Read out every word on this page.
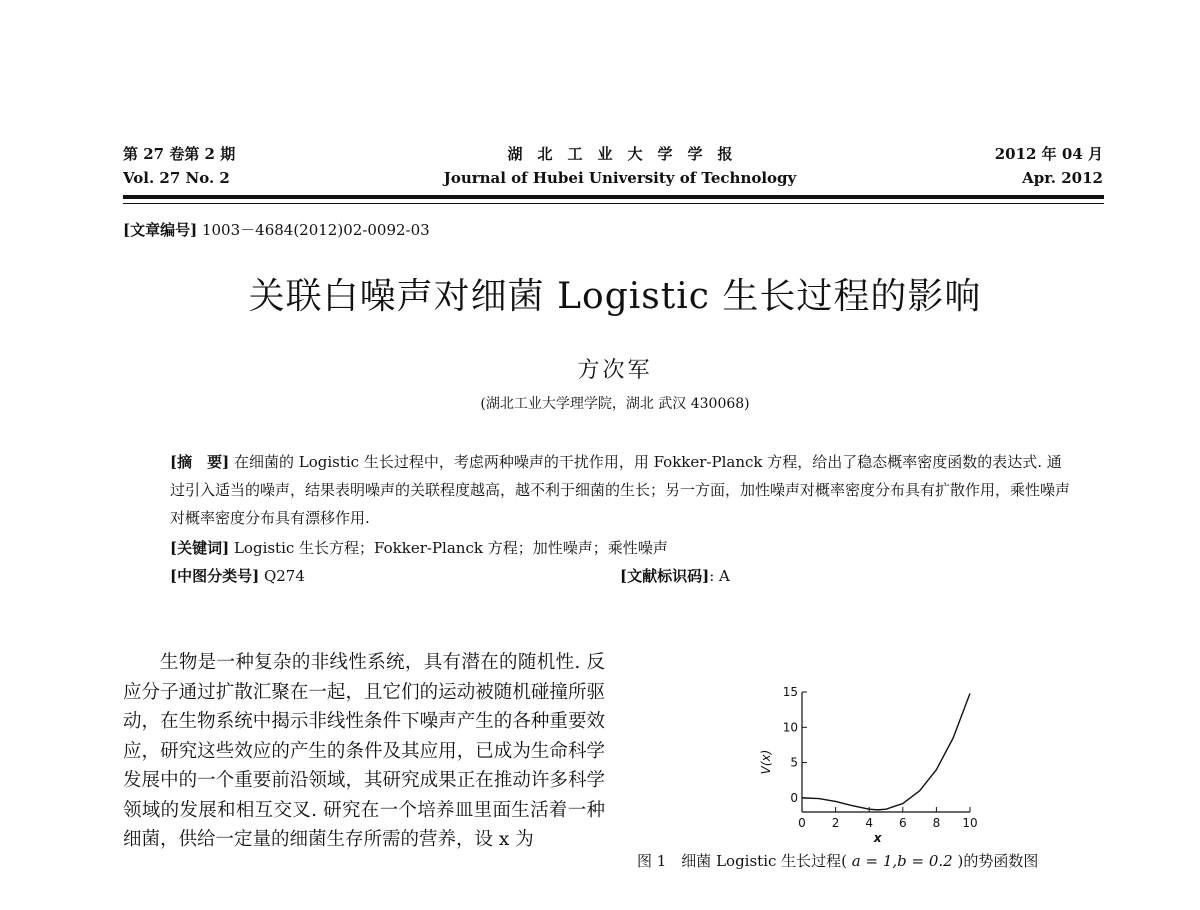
第 27 卷第 2 期
Vol. 27 No. 2
湖　北　工　业　大　学　学　报
Journal of Hubei University of Technology
2012 年 04 月
Apr. 2012
[文章编号] 1003－4684(2012)02-0092-03
关联白噪声对细菌 Logistic 生长过程的影响
方次军
(湖北工业大学理学院，湖北 武汉 430068)
[摘　要] 在细菌的 Logistic 生长过程中，考虑两种噪声的干扰作用，用 Fokker-Planck 方程，给出了稳态概率密度函数的表达式. 通过引入适当的噪声，结果表明噪声的关联程度越高，越不利于细菌的生长；另一方面，加性噪声对概率密度分布具有扩散作用，乘性噪声对概率密度分布具有漂移作用.
[关键词] Logistic 生长方程；Fokker-Planck 方程；加性噪声；乘性噪声
[中图分类号] Q274	[文献标识码]: A

生物是一种复杂的非线性系统，具有潜在的随机性. 反应分子通过扩散汇聚在一起，且它们的运动被随机碰撞所驱动，在生物系统中揭示非线性条件下噪声产生的各种重要效应，研究这些效应的产生的条件及其应用，已成为生命科学发展中的一个重要前沿领域，其研究成果正在推动许多科学领域的发展和相互交叉. 研究在一个培养皿里面生活着一种细菌，供给一定量的细菌生存所需的营养，设 x 为

0 2 4 6 8 10
0
5
10
15
x
V(x)
图 1　细菌 Logistic 生长过程( a = 1,b = 0.2 )的势函数图
